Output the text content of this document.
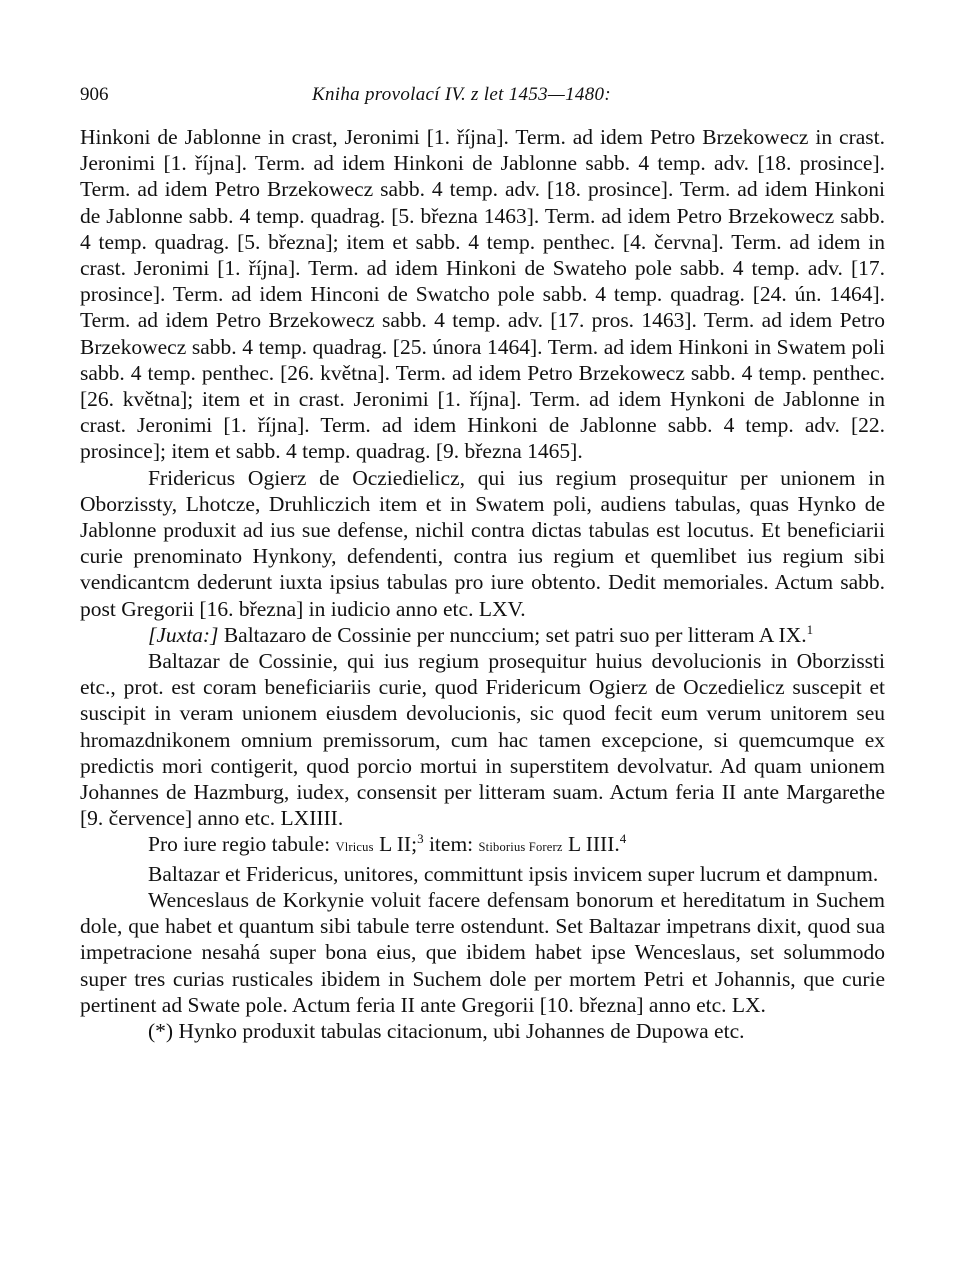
906	Kniha provolací IV. z let 1453—1480:

Hinkoni de Jablonne in crast, Jeronimi [1. října]. Term. ad idem Petro Brzekowecz in crast. Jeronimi [1. října]. Term. ad idem Hinkoni de Jablonne sabb. 4 temp. adv. [18. prosince]. Term. ad idem Petro Brzekowecz sabb. 4 temp. adv. [18. prosince]. Term. ad idem Hinkoni de Jablonne sabb. 4 temp. quadrag. [5. března 1463]. Term. ad idem Petro Brzekowecz sabb. 4 temp. quadrag. [5. března]; item et sabb. 4 temp. penthec. [4. června]. Term. ad idem in crast. Jeronimi [1. října]. Term. ad idem Hinkoni de Swateho pole sabb. 4 temp. adv. [17. prosince]. Term. ad idem Hinconi de Swatcho pole sabb. 4 temp. quadrag. [24. ún. 1464]. Term. ad idem Petro Brzekowecz sabb. 4 temp. adv. [17. pros. 1463]. Term. ad idem Petro Brzekowecz sabb. 4 temp. quadrag. [25. února 1464]. Term. ad idem Hinkoni in Swatem poli sabb. 4 temp. penthec. [26. května]. Term. ad idem Petro Brzekowecz sabb. 4 temp. penthec. [26. května]; item et in crast. Jeronimi [1. října]. Term. ad idem Hynkoni de Jablonne in crast. Jeronimi [1. října]. Term. ad idem Hinkoni de Jablonne sabb. 4 temp. adv. [22. prosince]; item et sabb. 4 temp. quadrag. [9. března 1465].

Fridericus Ogierz de Ocziedielicz, qui ius regium prosequitur per unionem in Oborzissty, Lhotcze, Druhliczich item et in Swatem poli, audiens tabulas, quas Hynko de Jablonne produxit ad ius sue defense, nichil contra dictas tabulas est locutus. Et beneficiarii curie prenominato Hynkony, defendenti, contra ius regium et quemlibet ius regium sibi vendicantcm dederunt iuxta ipsius tabulas pro iure obtento. Dedit memoriales. Actum sabb. post Gregorii [16. března] in iudicio anno etc. LXV.

[Juxta:] Baltazaro de Cossinie per nunccium; set patri suo per litteram A IX.$^1$

Baltazar de Cossinie, qui ius regium prosequitur huius devolucionis in Oborzissti etc., prot. est coram beneficiariis curie, quod Fridericum Ogierz de Oczedielicz suscepit et suscipit in veram unionem eiusdem devolucionis, sic quod fecit eum verum unitorem seu hromazdnikonem omnium premissorum, cum hac tamen excepcione, si quemcumque ex predictis mori contigerit, quod porcio mortui in superstitem devolvatur. Ad quam unionem Johannes de Hazmburg, iudex, consensit per litteram suam. Actum feria II ante Margarethe [9. července] anno etc. LXIIII.

Pro iure regio tabule: Vlricus L II;$^3$ item: Stiborius Forerz L IIII.$^4$

Baltazar et Fridericus, unitores, committunt ipsis invicem super lucrum et dampnum.

Wenceslaus de Korkynie voluit facere defensam bonorum et hereditatum in Suchem dole, que habet et quantum sibi tabule terre ostendunt. Set Baltazar impetrans dixit, quod sua impetracione nesahá super bona eius, que ibidem habet ipse Wenceslaus, set solummodo super tres curias rusticales ibidem in Suchem dole per mortem Petri et Johannis, que curie pertinent ad Swate pole. Actum feria II ante Gregorii [10. března] anno etc. LX.

(*) Hynko produxit tabulas citacionum, ubi Johannes de Dupowa etc.
